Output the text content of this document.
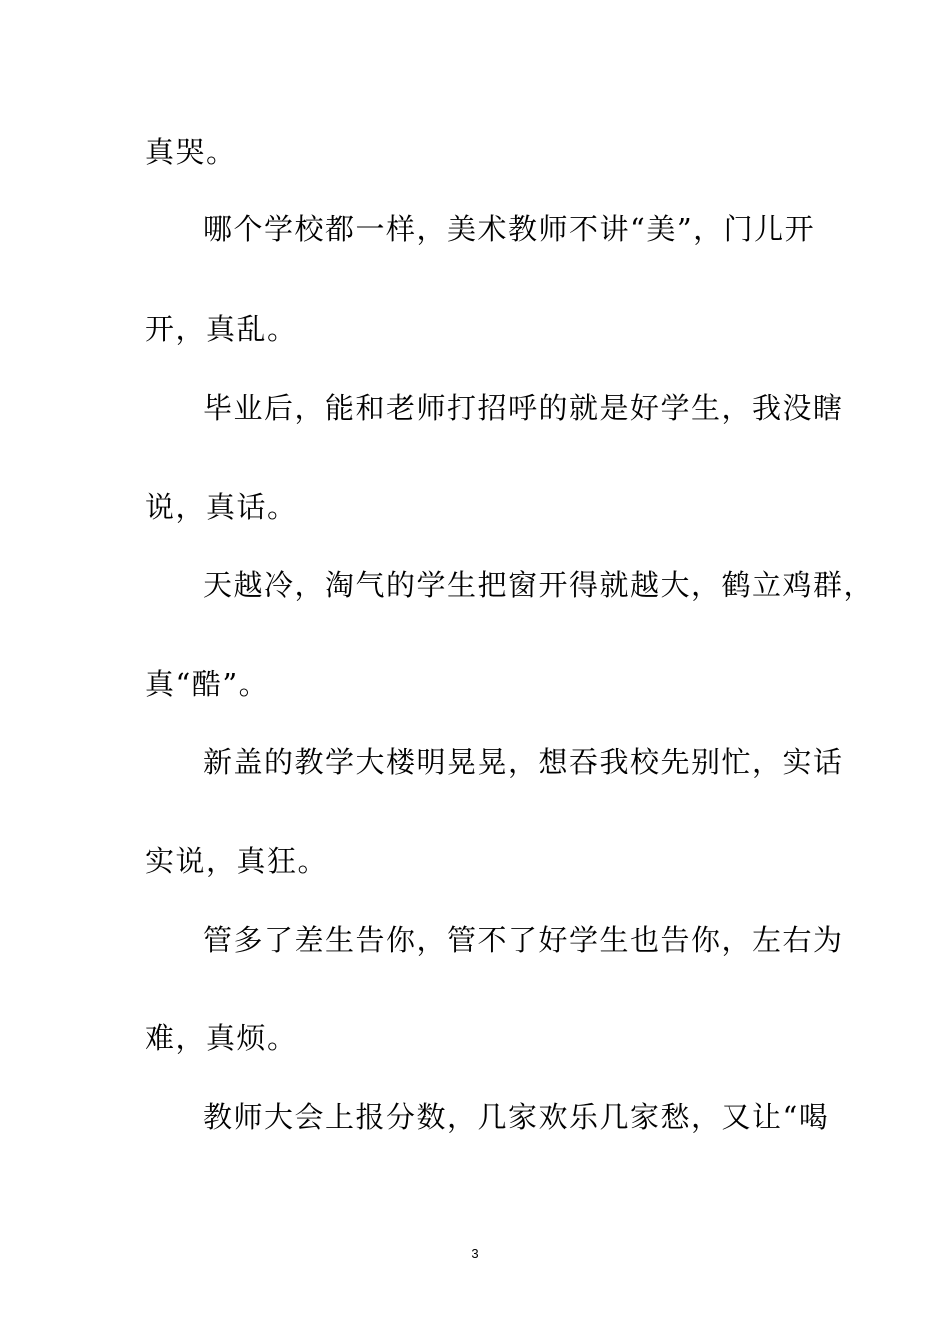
真哭。
哪个学校都一样，美术教师不讲“美”，门儿开
开，真乱。
毕业后，能和老师打招呼的就是好学生，我没瞎
说，真话。
天越冷，淘气的学生把窗开得就越大，鹤立鸡群，
真“酷”。
新盖的教学大楼明晃晃，想吞我校先别忙，实话
实说，真狂。
管多了差生告你，管不了好学生也告你，左右为
难，真烦。
教师大会上报分数，几家欢乐几家愁，又让“喝
3
